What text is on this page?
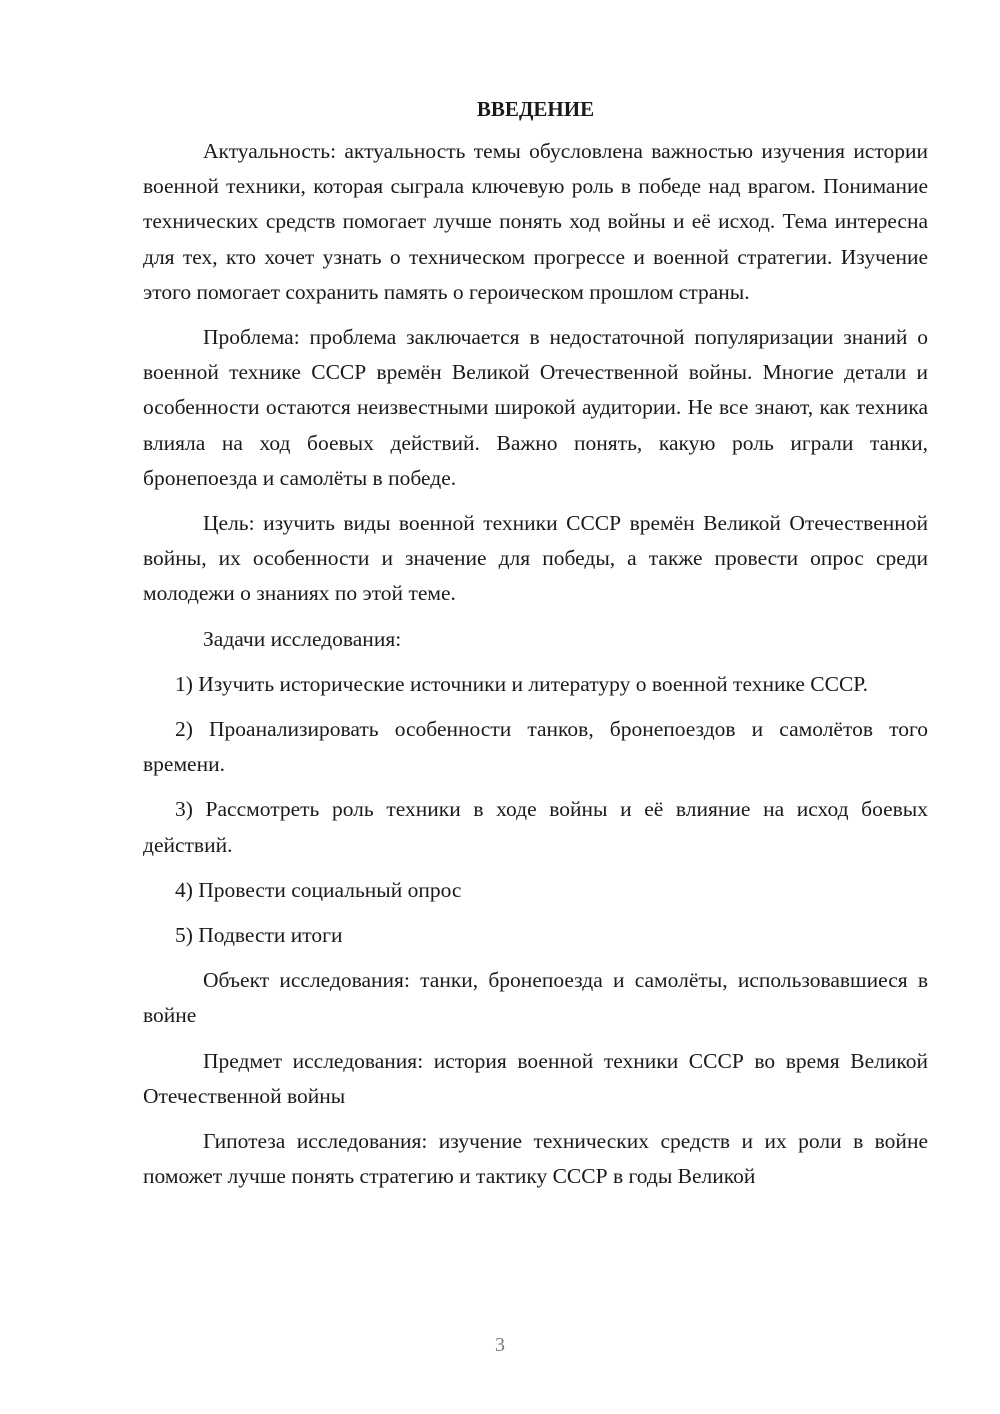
ВВЕДЕНИЕ

Актуальность: актуальность темы обусловлена важностью изучения истории военной техники, которая сыграла ключевую роль в победе над врагом. Понимание технических средств помогает лучше понять ход войны и её исход. Тема интересна для тех, кто хочет узнать о техническом прогрессе и военной стратегии. Изучение этого помогает сохранить память о героическом прошлом страны.

Проблема: проблема заключается в недостаточной популяризации знаний о военной технике СССР времён Великой Отечественной войны. Многие детали и особенности остаются неизвестными широкой аудитории. Не все знают, как техника влияла на ход боевых действий. Важно понять, какую роль играли танки, бронепоезда и самолёты в победе.

Цель: изучить виды военной техники СССР времён Великой Отечественной войны, их особенности и значение для победы, а также провести опрос среди молодежи о знаниях по этой теме.

Задачи исследования:

1) Изучить исторические источники и литературу о военной технике СССР.

2) Проанализировать особенности танков, бронепоездов и самолётов того времени.

3) Рассмотреть роль техники в ходе войны и её влияние на исход боевых действий.

4) Провести социальный опрос

5) Подвести итоги

Объект исследования: танки, бронепоезда и самолёты, использовавшиеся в войне

Предмет исследования: история военной техники СССР во время Великой Отечественной войны

Гипотеза исследования: изучение технических средств и их роли в войне поможет лучше понять стратегию и тактику СССР в годы Великой

3
